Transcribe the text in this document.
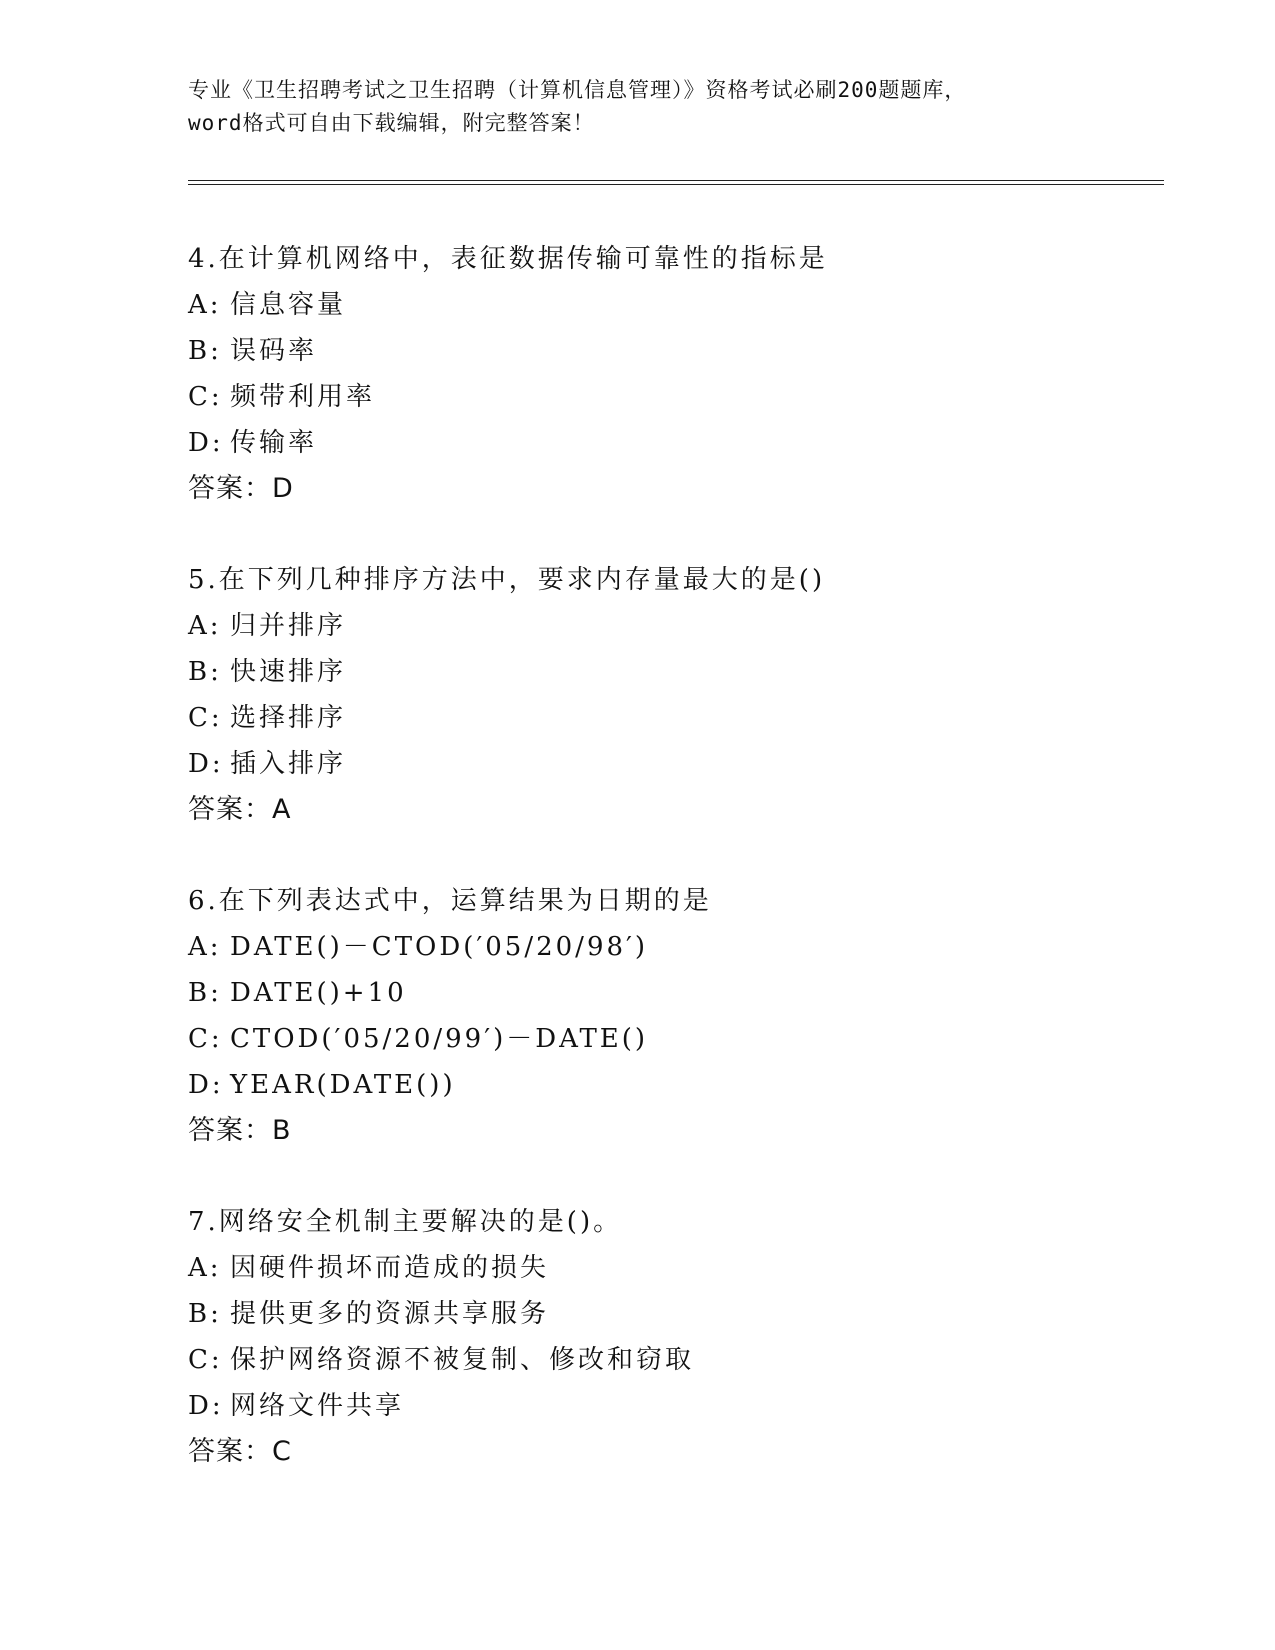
专业《卫生招聘考试之卫生招聘（计算机信息管理）》资格考试必刷200题题库，
word格式可自由下载编辑，附完整答案！
4.在计算机网络中，表征数据传输可靠性的指标是
A: 信息容量
B: 误码率
C: 频带利用率
D: 传输率
答案：D
5.在下列几种排序方法中，要求内存量最大的是()
A: 归并排序
B: 快速排序
C: 选择排序
D: 插入排序
答案：A
6.在下列表达式中，运算结果为日期的是
A: DATE()－CTOD(′05/20/98′)
B: DATE()+10
C: CTOD(′05/20/99′)－DATE()
D: YEAR(DATE())
答案：B
7.网络安全机制主要解决的是()。
A: 因硬件损坏而造成的损失
B: 提供更多的资源共享服务
C: 保护网络资源不被复制、修改和窃取
D: 网络文件共享
答案：C
